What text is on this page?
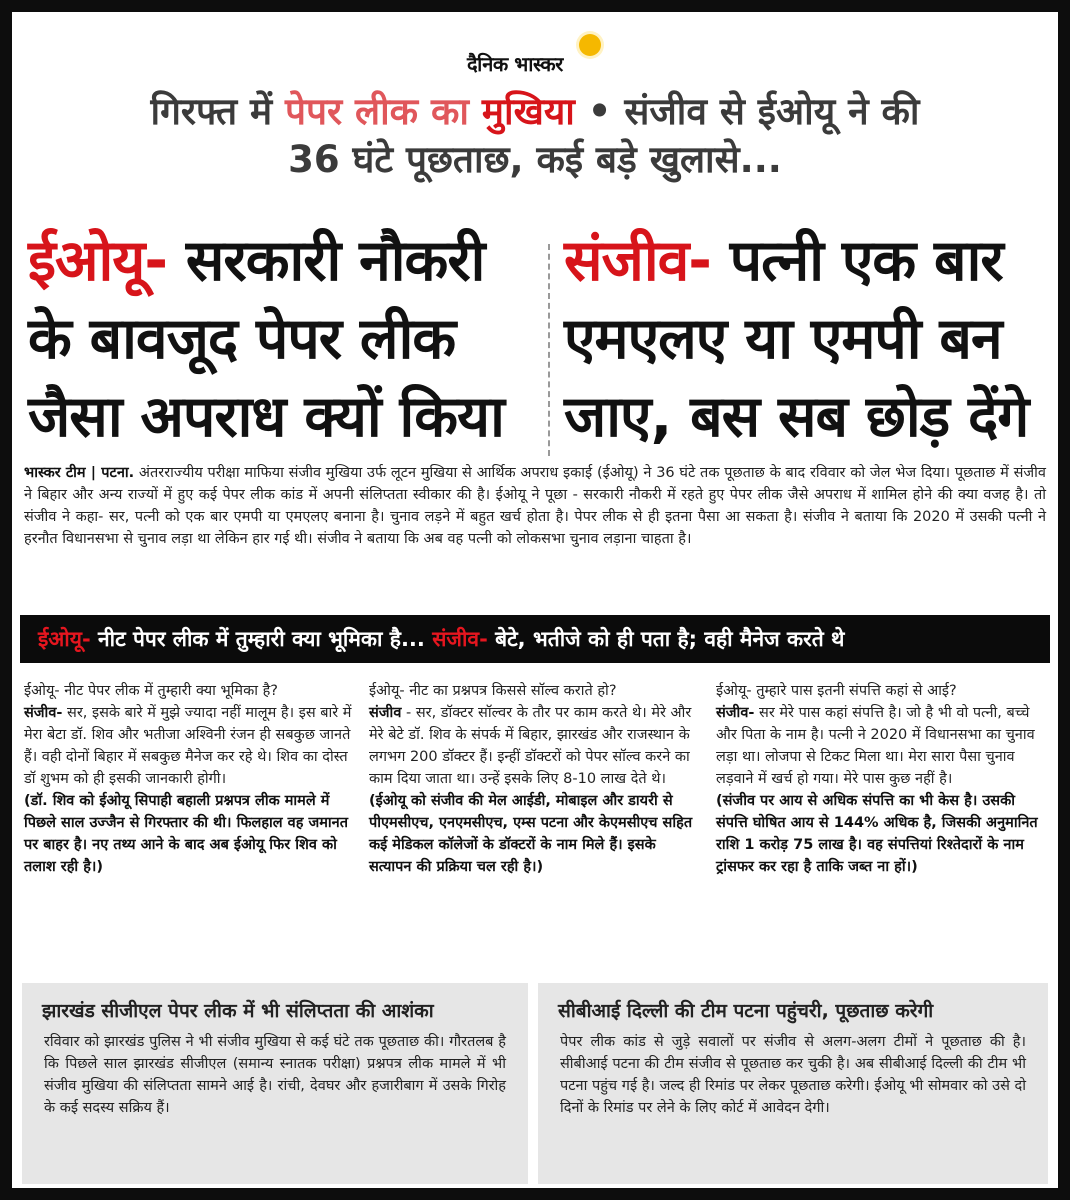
दैनिक भास्कर
गिरफ्त में पेपर लीक का मुखिया • संजीव से ईओयू ने की
36 घंटे पूछताछ, कई बड़े खुलासे...
ईओयू- सरकारी नौकरी
के बावजूद पेपर लीक
जैसा अपराध क्यों किया
संजीव- पत्नी एक बार
एमएलए या एमपी बन
जाए, बस सब छोड़ देंगे
भास्कर टीम | पटना. अंतरराज्यीय परीक्षा माफिया संजीव मुखिया उर्फ लूटन मुखिया से आर्थिक अपराध इकाई (ईओयू) ने 36 घंटे तक पूछताछ के बाद रविवार को जेल भेज दिया। पूछताछ में संजीव ने बिहार और अन्य राज्यों में हुए कई पेपर लीक कांड में अपनी संलिप्तता स्वीकार की है। ईओयू ने पूछा - सरकारी नौकरी में रहते हुए पेपर लीक जैसे अपराध में शामिल होने की क्या वजह है। तो संजीव ने कहा- सर, पत्नी को एक बार एमपी या एमएलए बनाना है। चुनाव लड़ने में बहुत खर्च होता है। पेपर लीक से ही इतना पैसा आ सकता है। संजीव ने बताया कि 2020 में उसकी पत्नी ने हरनौत विधानसभा से चुनाव लड़ा था लेकिन हार गई थी। संजीव ने बताया कि अब वह पत्नी को लोकसभा चुनाव लड़ाना चाहता है।
ईओयू- नीट पेपर लीक में तुम्हारी क्या भूमिका है... संजीव- बेटे, भतीजे को ही पता है; वही मैनेज करते थे
ईओयू- नीट पेपर लीक में तुम्हारी क्या भूमिका है?
संजीव- सर, इसके बारे में मुझे ज्यादा नहीं मालूम है। इस बारे में मेरा बेटा डॉ. शिव और भतीजा अश्विनी रंजन ही सबकुछ जानते हैं। वही दोनों बिहार में सबकुछ मैनेज कर रहे थे। शिव का दोस्त डॉ शुभम को ही इसकी जानकारी होगी।
(डॉ. शिव को ईओयू सिपाही बहाली प्रश्नपत्र लीक मामले में पिछले साल उज्जैन से गिरफ्तार की थी। फिलहाल वह जमानत पर बाहर है। नए तथ्य आने के बाद अब ईओयू फिर शिव को तलाश रही है।)
ईओयू- नीट का प्रश्नपत्र किससे सॉल्व कराते हो?
संजीव - सर, डॉक्टर सॉल्वर के तौर पर काम करते थे। मेरे और मेरे बेटे डॉ. शिव के संपर्क में बिहार, झारखंड और राजस्थान के लगभग 200 डॉक्टर हैं। इन्हीं डॉक्टरों को पेपर सॉल्व करने का काम दिया जाता था। उन्हें इसके लिए 8-10 लाख देते थे।
(ईओयू को संजीव की मेल आईडी, मोबाइल और डायरी से पीएमसीएच, एनएमसीएच, एम्स पटना और केएमसीएच सहित कई मेडिकल कॉलेजों के डॉक्टरों के नाम मिले हैं। इसके सत्यापन की प्रक्रिया चल रही है।)
ईओयू- तुम्हारे पास इतनी संपत्ति कहां से आई?
संजीव- सर मेरे पास कहां संपत्ति है। जो है भी वो पत्नी, बच्चे और पिता के नाम है। पत्नी ने 2020 में विधानसभा का चुनाव लड़ा था। लोजपा से टिकट मिला था। मेरा सारा पैसा चुनाव लड़वाने में खर्च हो गया। मेरे पास कुछ नहीं है।
(संजीव पर आय से अधिक संपत्ति का भी केस है। उसकी संपत्ति घोषित आय से 144% अधिक है, जिसकी अनुमानित राशि 1 करोड़ 75 लाख है। वह संपत्तियां रिश्तेदारों के नाम ट्रांसफर कर रहा है ताकि जब्त ना हों।)
झारखंड सीजीएल पेपर लीक में भी संलिप्तता की आशंका
रविवार को झारखंड पुलिस ने भी संजीव मुखिया से कई घंटे तक पूछताछ की। गौरतलब है कि पिछले साल झारखंड सीजीएल (समान्य स्नातक परीक्षा) प्रश्नपत्र लीक मामले में भी संजीव मुखिया की संलिप्तता सामने आई है। रांची, देवघर और हजारीबाग में उसके गिरोह के कई सदस्य सक्रिय हैं।
सीबीआई दिल्ली की टीम पटना पहुंचरी, पूछताछ करेगी
पेपर लीक कांड से जुड़े सवालों पर संजीव से अलग-अलग टीमों ने पूछताछ की है। सीबीआई पटना की टीम संजीव से पूछताछ कर चुकी है। अब सीबीआई दिल्ली की टीम भी पटना पहुंच गई है। जल्द ही रिमांड पर लेकर पूछताछ करेगी। ईओयू भी सोमवार को उसे दो दिनों के रिमांड पर लेने के लिए कोर्ट में आवेदन देगी।
